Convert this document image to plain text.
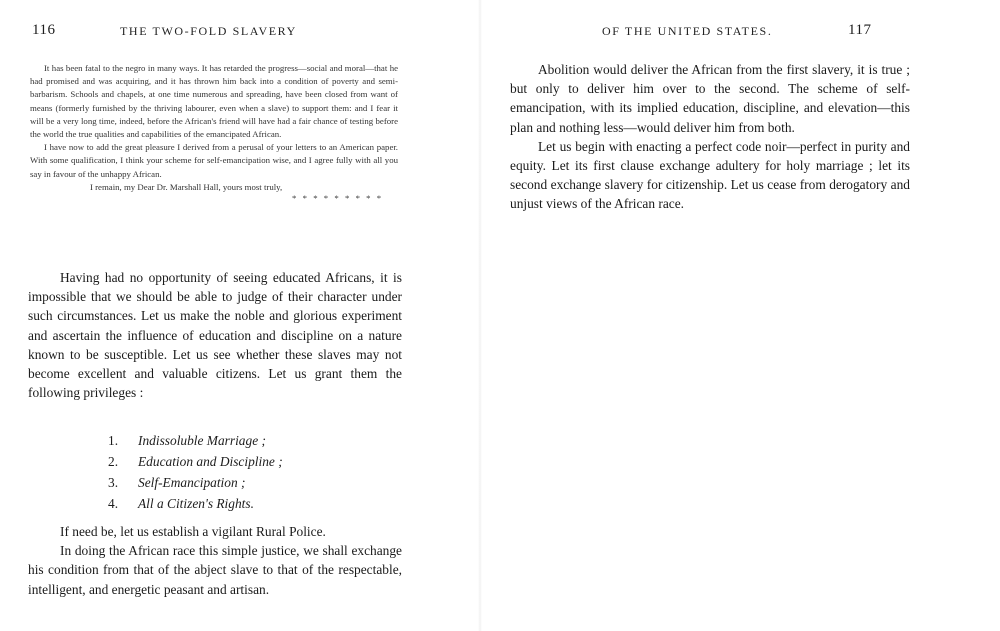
116	THE TWO-FOLD SLAVERY

It has been fatal to the negro in many ways. It has retarded the progress—social and moral—that he had promised and was acquiring, and it has thrown him back into a condition of poverty and semi-barbarism. Schools and chapels, at one time numerous and spreading, have been closed from want of means (formerly furnished by the thriving labourer, even when a slave) to support them: and I fear it will be a very long time, indeed, before the African's friend will have had a fair chance of testing before the world the true qualities and capabilities of the emancipated African.

I have now to add the great pleasure I derived from a perusal of your letters to an American paper. With some qualification, I think your scheme for self-emancipation wise, and I agree fully with all you say in favour of the unhappy African.

I remain, my Dear Dr. Marshall Hall, yours most truly,

* * * * * * * * *

Having had no opportunity of seeing educated Africans, it is impossible that we should be able to judge of their character under such circumstances. Let us make the noble and glorious experiment and ascertain the influence of education and discipline on a nature known to be susceptible. Let us see whether these slaves may not become excellent and valuable citizens. Let us grant them the following privileges :

1.	Indissoluble Marriage ;
2.	Education and Discipline ;
3.	Self-Emancipation ;
4.	All a Citizen's Rights.

If need be, let us establish a vigilant Rural Police.

In doing the African race this simple justice, we shall exchange his condition from that of the abject slave to that of the respectable, intelligent, and energetic peasant and artisan.

OF THE UNITED STATES.	117

Abolition would deliver the African from the first slavery, it is true ; but only to deliver him over to the second. The scheme of self-emancipation, with its implied education, discipline, and elevation—this plan and nothing less—would deliver him from both.

Let us begin with enacting a perfect code noir—perfect in purity and equity. Let its first clause exchange adultery for holy marriage ; let its second exchange slavery for citizenship. Let us cease from derogatory and unjust views of the African race.
